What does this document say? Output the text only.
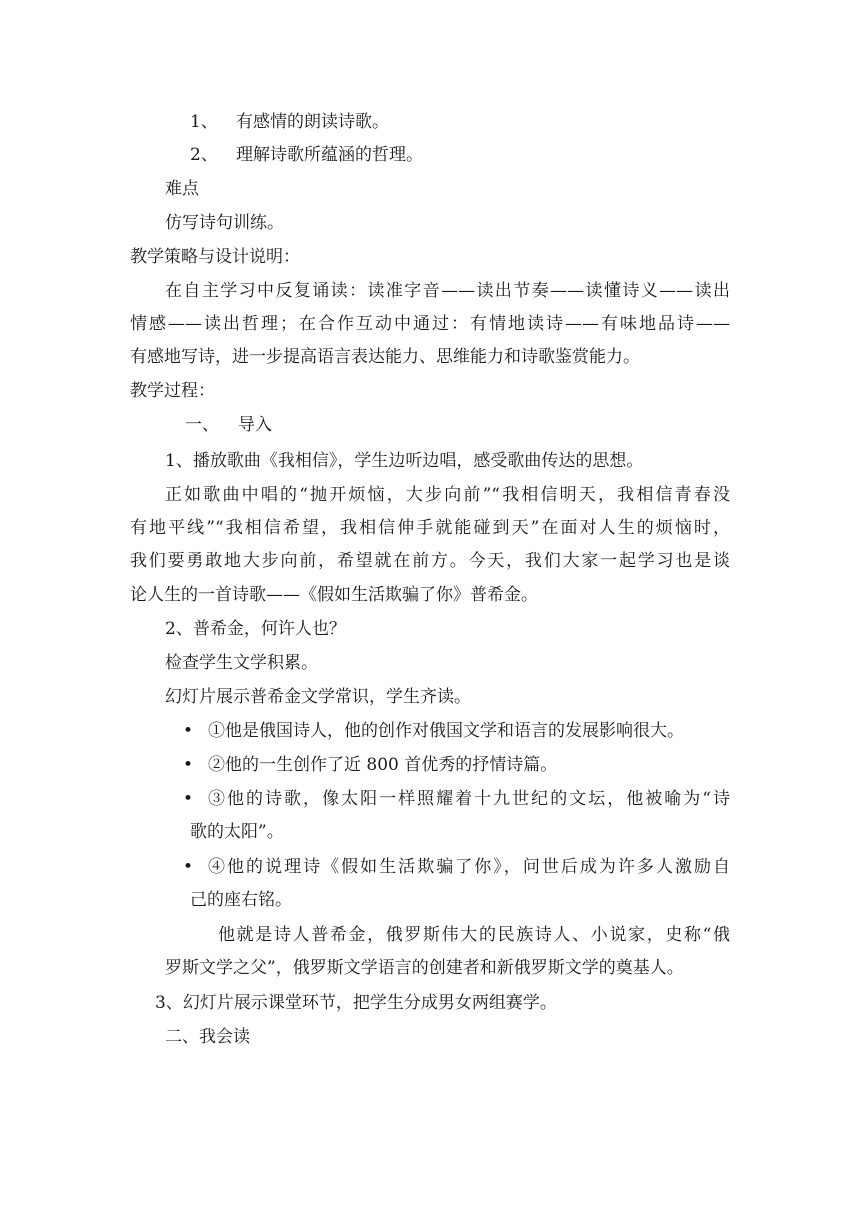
1、 有感情的朗读诗歌。
2、 理解诗歌所蕴涵的哲理。
难点
仿写诗句训练。
教学策略与设计说明：
在自主学习中反复诵读：读准字音——读出节奏——读懂诗义——读出
情感——读出哲理；在合作互动中通过：有情地读诗——有味地品诗——
有感地写诗，进一步提高语言表达能力、思维能力和诗歌鉴赏能力。
教学过程：
一、 导入
1、播放歌曲《我相信》，学生边听边唱，感受歌曲传达的思想。
正如歌曲中唱的“抛开烦恼，大步向前”“我相信明天，我相信青春没
有地平线”“我相信希望，我相信伸手就能碰到天”在面对人生的烦恼时，
我们要勇敢地大步向前，希望就在前方。今天，我们大家一起学习也是谈
论人生的一首诗歌——《假如生活欺骗了你》普希金。
2、普希金，何许人也？
检查学生文学积累。
幻灯片展示普希金文学常识，学生齐读。
• ①他是俄国诗人，他的创作对俄国文学和语言的发展影响很大。
• ②他的一生创作了近 800 首优秀的抒情诗篇。
• ③他的诗歌，像太阳一样照耀着十九世纪的文坛，他被喻为“诗
歌的太阳”。
• ④他的说理诗《假如生活欺骗了你》，问世后成为许多人激励自
己的座右铭。
他就是诗人普希金，俄罗斯伟大的民族诗人、小说家，史称“俄
罗斯文学之父”，俄罗斯文学语言的创建者和新俄罗斯文学的奠基人。
3、幻灯片展示课堂环节，把学生分成男女两组赛学。
二、我会读
